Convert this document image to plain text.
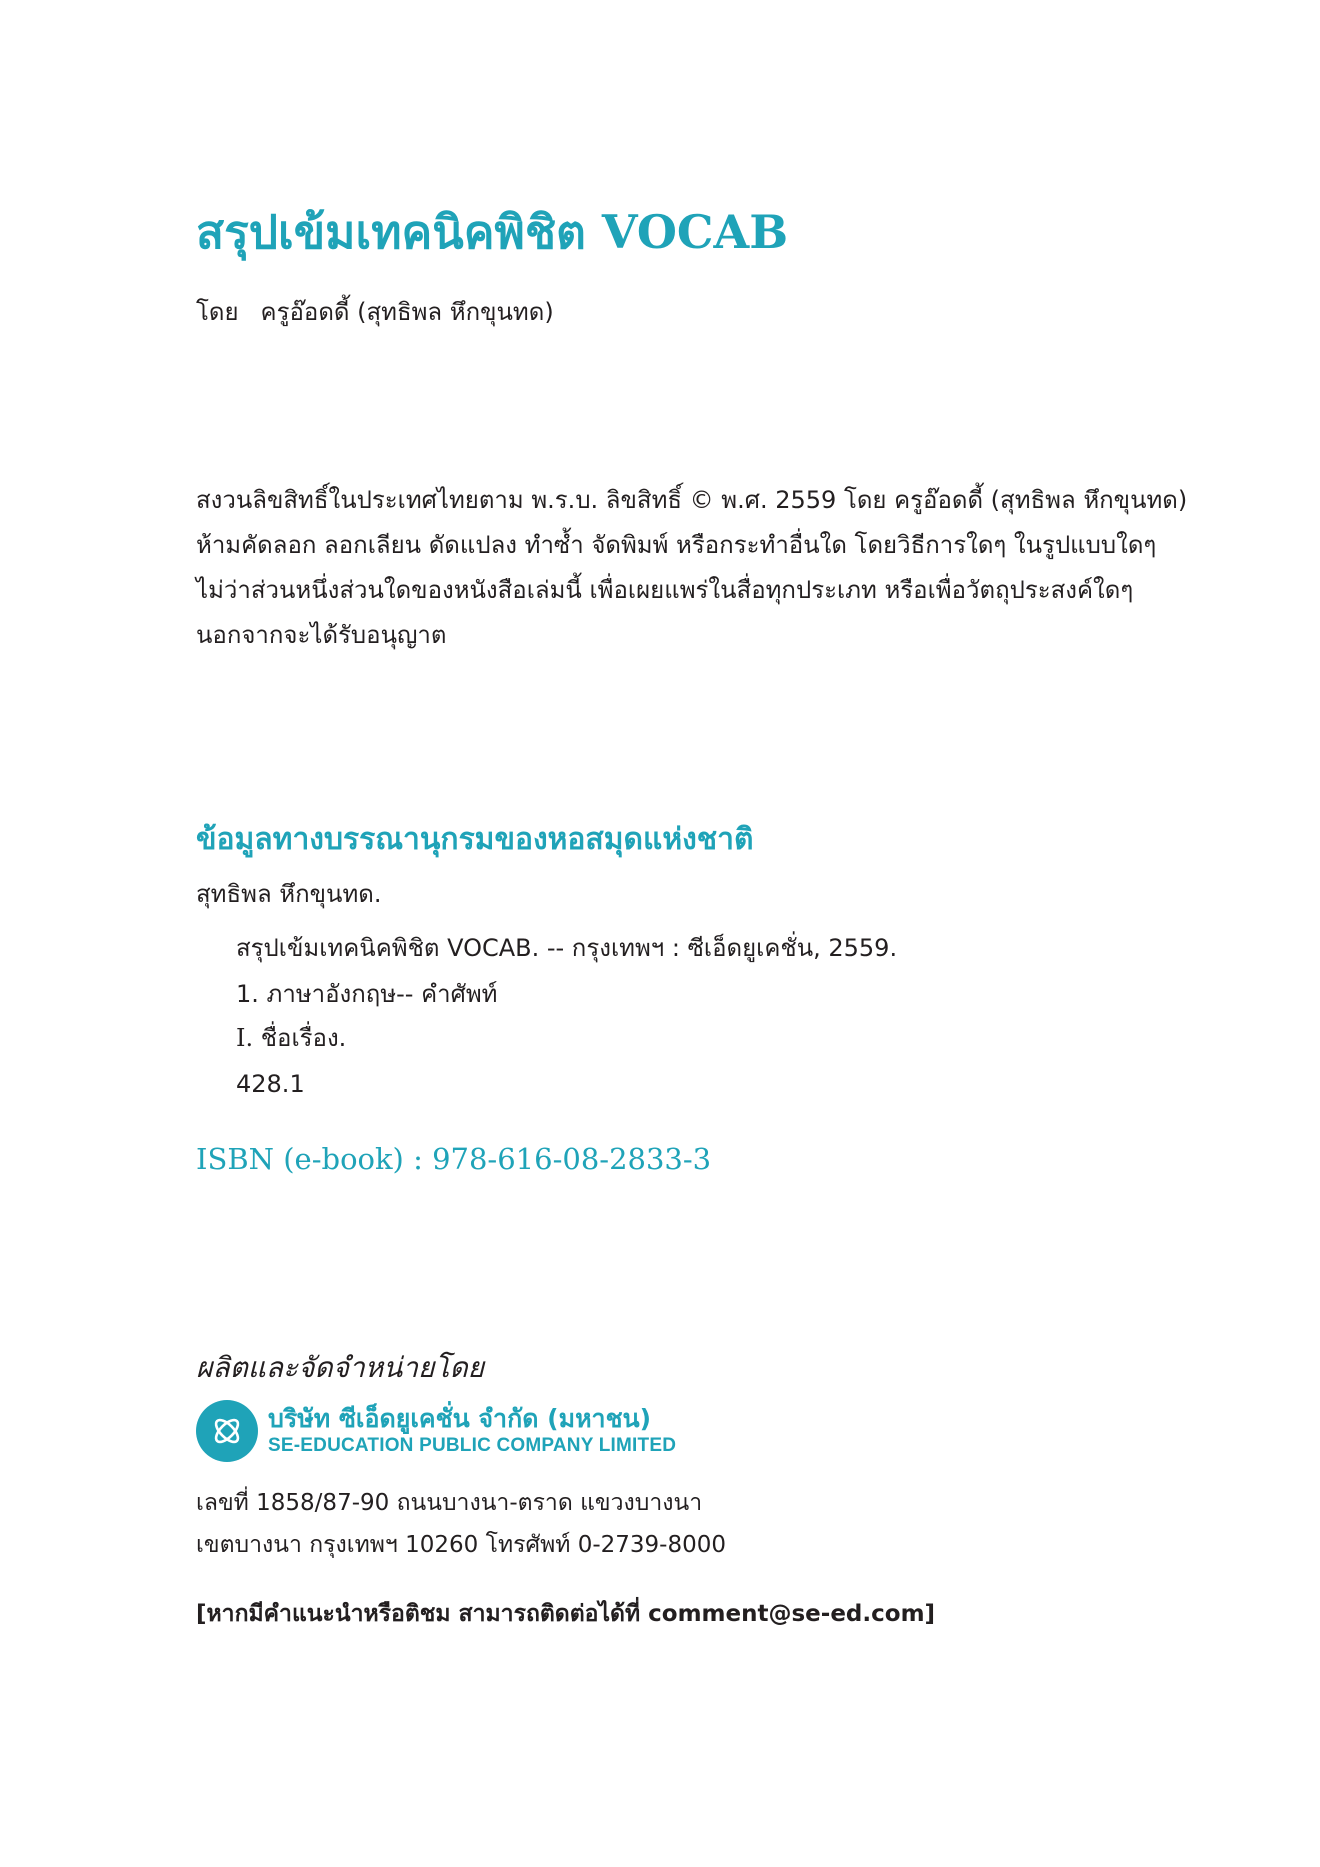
สรุปเข้มเทคนิคพิชิต VOCAB
โดย ครูอ๊อดดี้ (สุทธิพล หึกขุนทด)
สงวนลิขสิทธิ์ในประเทศไทยตาม พ.ร.บ. ลิขสิทธิ์ © พ.ศ. 2559 โดย ครูอ๊อดดี้ (สุทธิพล หึกขุนทด)
ห้ามคัดลอก ลอกเลียน ดัดแปลง ทำซ้ำ จัดพิมพ์ หรือกระทำอื่นใด โดยวิธีการใดๆ ในรูปแบบใดๆ
ไม่ว่าส่วนหนึ่งส่วนใดของหนังสือเล่มนี้ เพื่อเผยแพร่ในสื่อทุกประเภท หรือเพื่อวัตถุประสงค์ใดๆ
นอกจากจะได้รับอนุญาต
ข้อมูลทางบรรณานุกรมของหอสมุดแห่งชาติ
สุทธิพล หึกขุนทด.
สรุปเข้มเทคนิคพิชิต VOCAB. -- กรุงเทพฯ : ซีเอ็ดยูเคชั่น, 2559.
1. ภาษาอังกฤษ-- คำศัพท์
I. ชื่อเรื่อง.
428.1
ISBN (e-book) : 978-616-08-2833-3
ผลิตและจัดจำหน่ายโดย
บริษัท ซีเอ็ดยูเคชั่น จำกัด (มหาชน)
SE-EDUCATION PUBLIC COMPANY LIMITED
เลขที่ 1858/87-90 ถนนบางนา-ตราด แขวงบางนา
เขตบางนา กรุงเทพฯ 10260 โทรศัพท์ 0-2739-8000
[หากมีคำแนะนำหรือติชม สามารถติดต่อได้ที่ comment@se-ed.com]
